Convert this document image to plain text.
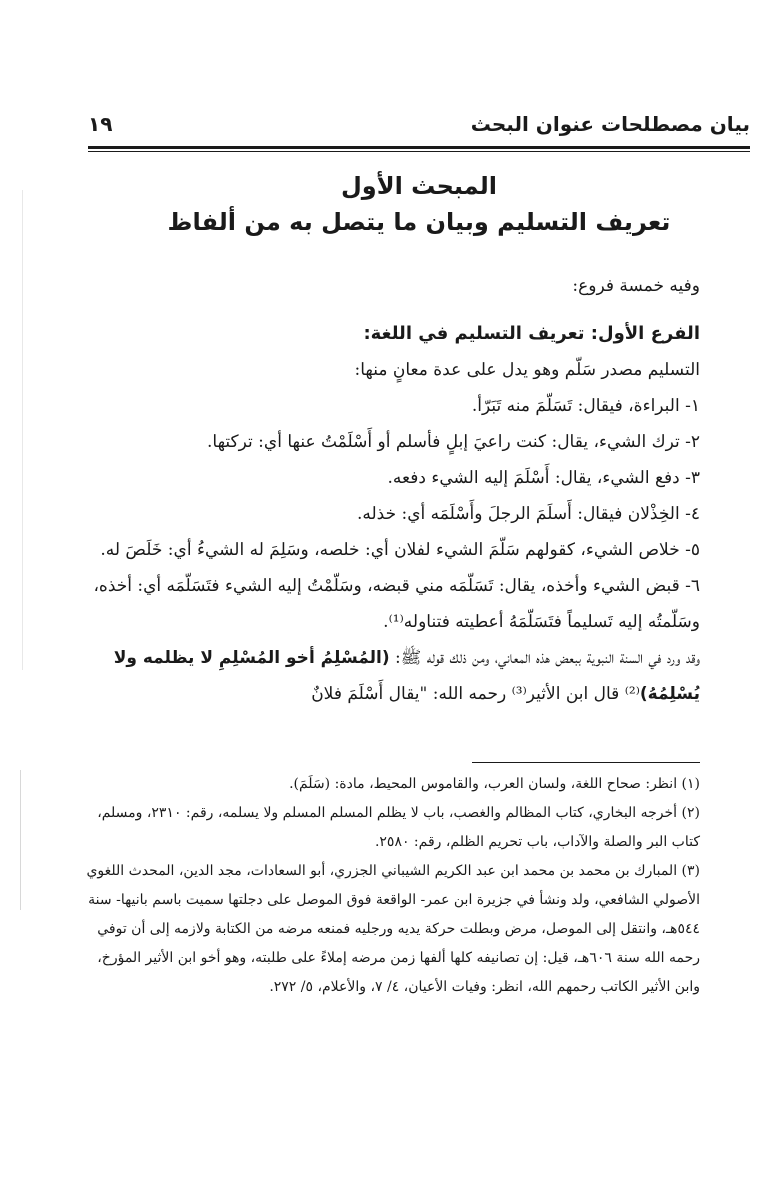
بيان مصطلحات عنوان البحث
١٩
المبحث الأول
تعريف التسليم وبيان ما يتصل به من ألفاظ
وفيه خمسة فروع:
الفرع الأول: تعريف التسليم في اللغة:

التسليم مصدر سَلّم وهو يدل على عدة معانٍ منها:

١- البراءة، فيقال: تَسَلّمَ منه تَبَرّأ.

٢- ترك الشيء، يقال: كنت راعيَ إبلٍ فأسلم أو أَسْلَمْتُ عنها أي: تركتها.

٣- دفع الشيء، يقال: أَسْلَمَ إليه الشيء دفعه.

٤- الخِذْلان فيقال: أَسلَمَ الرجلَ وأَسْلَمَه أي: خذله.

٥- خلاص الشيء، كقولهم سَلّمَ الشيء لفلان أي: خلصه، وسَلِمَ له الشيءُ أي: خَلَصَ له.

٦- قبض الشيء وأخذه، يقال: تَسَلّمَه مني قبضه، وسَلّمْتُ إليه الشيء فتَسَلّمَه أي: أخذه، وسَلّمتُه إليه تَسليماً فتَسَلّمَهُ أعطيته فتناوله⁽¹⁾.

وقد ورد في السنة النبوية ببعض هذه المعاني، ومن ذلك قوله ﷺ: (المُسْلِمُ أخو المُسْلِمِ لا يظلمه ولا يُسْلِمُهُ)⁽²⁾ قال ابن الأثير⁽³⁾ رحمه الله: "يقال أَسْلَمَ فلانٌ

(١) انظر: صحاح اللغة، ولسان العرب، والقاموس المحيط، مادة: (سَلَمَ).

(٢) أخرجه البخاري، كتاب المظالم والغصب، باب لا يظلم المسلم المسلم ولا يسلمه، رقم: ٢٣١٠، ومسلم، كتاب البر والصلة والآداب، باب تحريم الظلم، رقم: ٢٥٨٠.

(٣) المبارك بن محمد بن محمد ابن عبد الكريم الشيباني الجزري، أبو السعادات، مجد الدين، المحدث اللغوي الأصولي الشافعي، ولد ونشأ في جزيرة ابن عمر- الواقعة فوق الموصل على دجلتها سميت باسم بانيها- سنة ٥٤٤هـ، وانتقل إلى الموصل، مرض وبطلت حركة يديه ورجليه فمنعه مرضه من الكتابة ولازمه إلى أن توفي رحمه الله سنة ٦٠٦هـ، قيل: إن تصانيفه كلها ألفها زمن مرضه إملاءً على طلبته، وهو أخو ابن الأثير المؤرخ، وابن الأثير الكاتب رحمهم الله، انظر: وفيات الأعيان، ٤/ ٧، والأعلام، ٥/ ٢٧٢.
